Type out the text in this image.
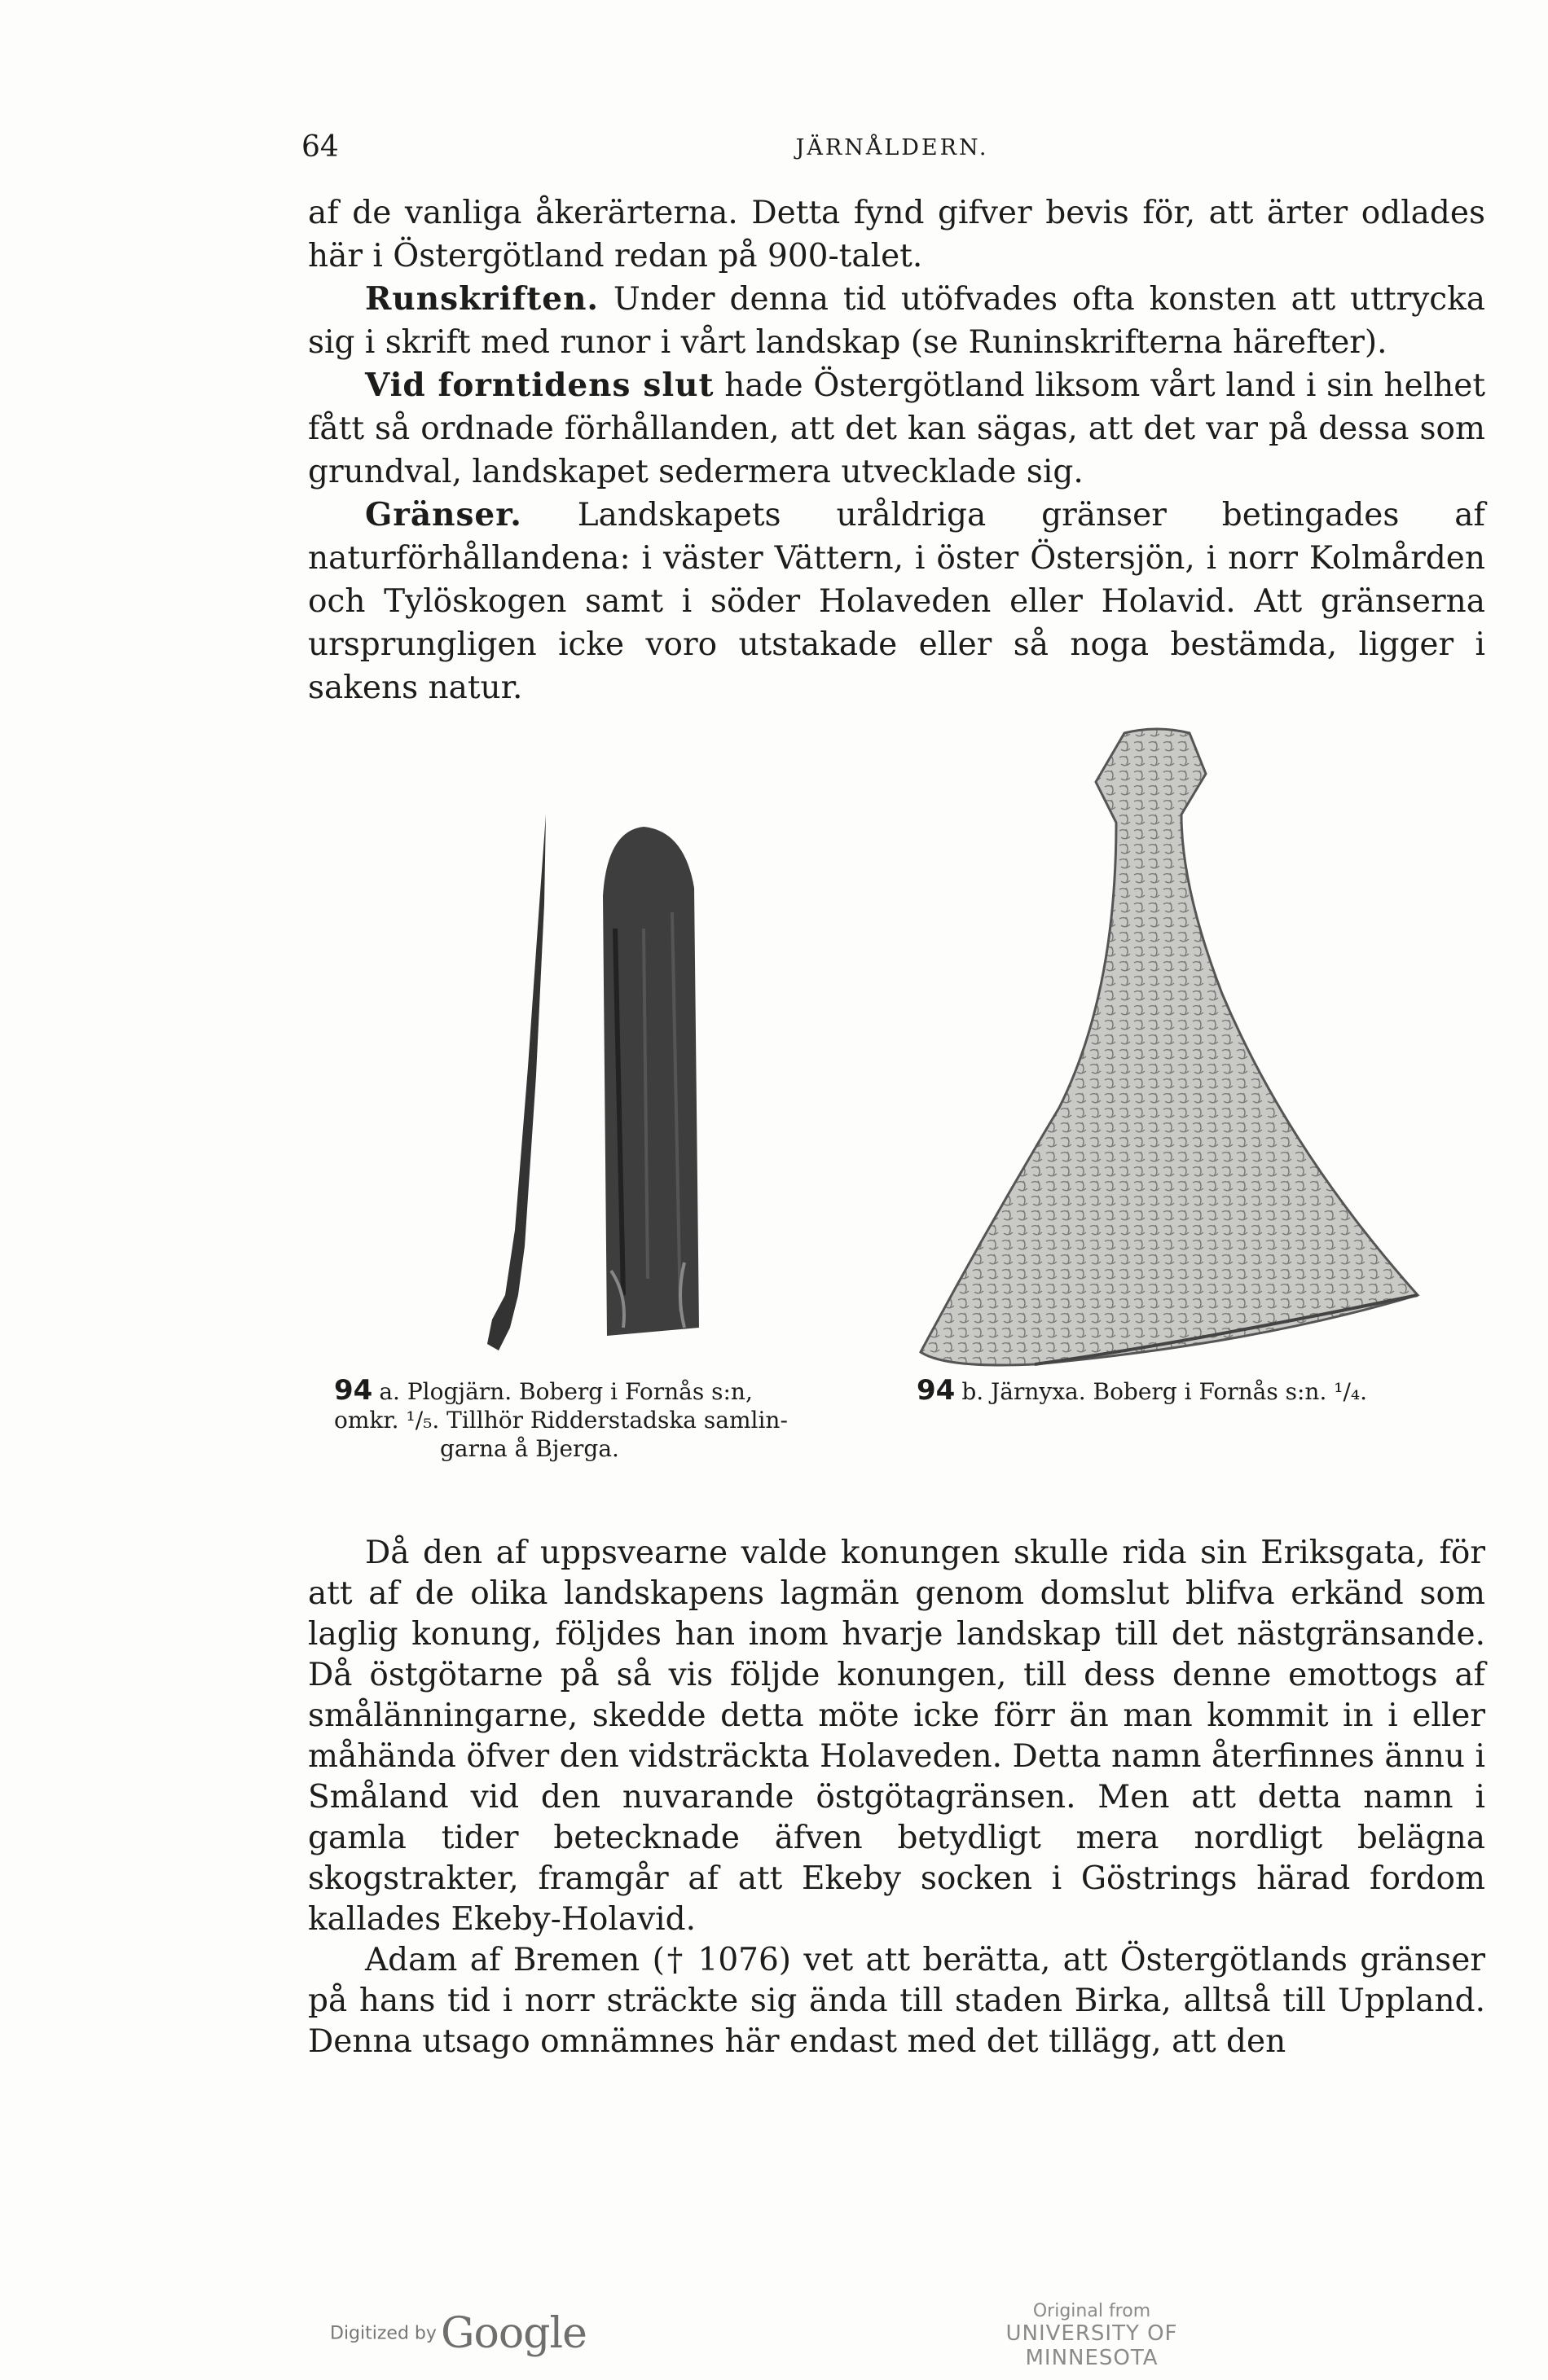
64	JÄRNÅLDERN.

af de vanliga åkerärterna. Detta fynd gifver bevis för, att ärter odlades här i Östergötland redan på 900-talet.

Runskriften. Under denna tid utöfvades ofta konsten att uttrycka sig i skrift med runor i vårt landskap (se Runinskrifterna härefter).

Vid forntidens slut hade Östergötland liksom vårt land i sin helhet fått så ordnade förhållanden, att det kan sägas, att det var på dessa som grundval, landskapet sedermera utvecklade sig.

Gränser. Landskapets uråldriga gränser betingades af naturförhållandena: i väster Vättern, i öster Östersjön, i norr Kolmården och Tylöskogen samt i söder Holaveden eller Holavid. Att gränserna ursprungligen icke voro utstakade eller så noga bestämda, ligger i sakens natur.

94 a. Plogjärn. Boberg i Fornås s:n,
omkr. ¹/₅. Tillhör Ridderstadska samlin-
garna å Bjerga.
94 b. Järnyxa. Boberg i Fornås s:n. ¹/₄.

Då den af uppsvearne valde konungen skulle rida sin Eriksgata, för att af de olika landskapens lagmän genom domslut blifva erkänd som laglig konung, följdes han inom hvarje landskap till det nästgränsande. Då östgötarne på så vis följde konungen, till dess denne emottogs af smålänningarne, skedde detta möte icke förr än man kommit in i eller måhända öfver den vidsträckta Holaveden. Detta namn återfinnes ännu i Småland vid den nuvarande östgötagränsen. Men att detta namn i gamla tider betecknade äfven betydligt mera nordligt belägna skogstrakter, framgår af att Ekeby socken i Göstrings härad fordom kallades Ekeby-Holavid.

Adam af Bremen († 1076) vet att berätta, att Östergötlands gränser på hans tid i norr sträckte sig ända till staden Birka, alltså till Uppland. Denna utsago omnämnes här endast med det tillägg, att den

Digitized by Google	Original from
UNIVERSITY OF MINNESOTA
